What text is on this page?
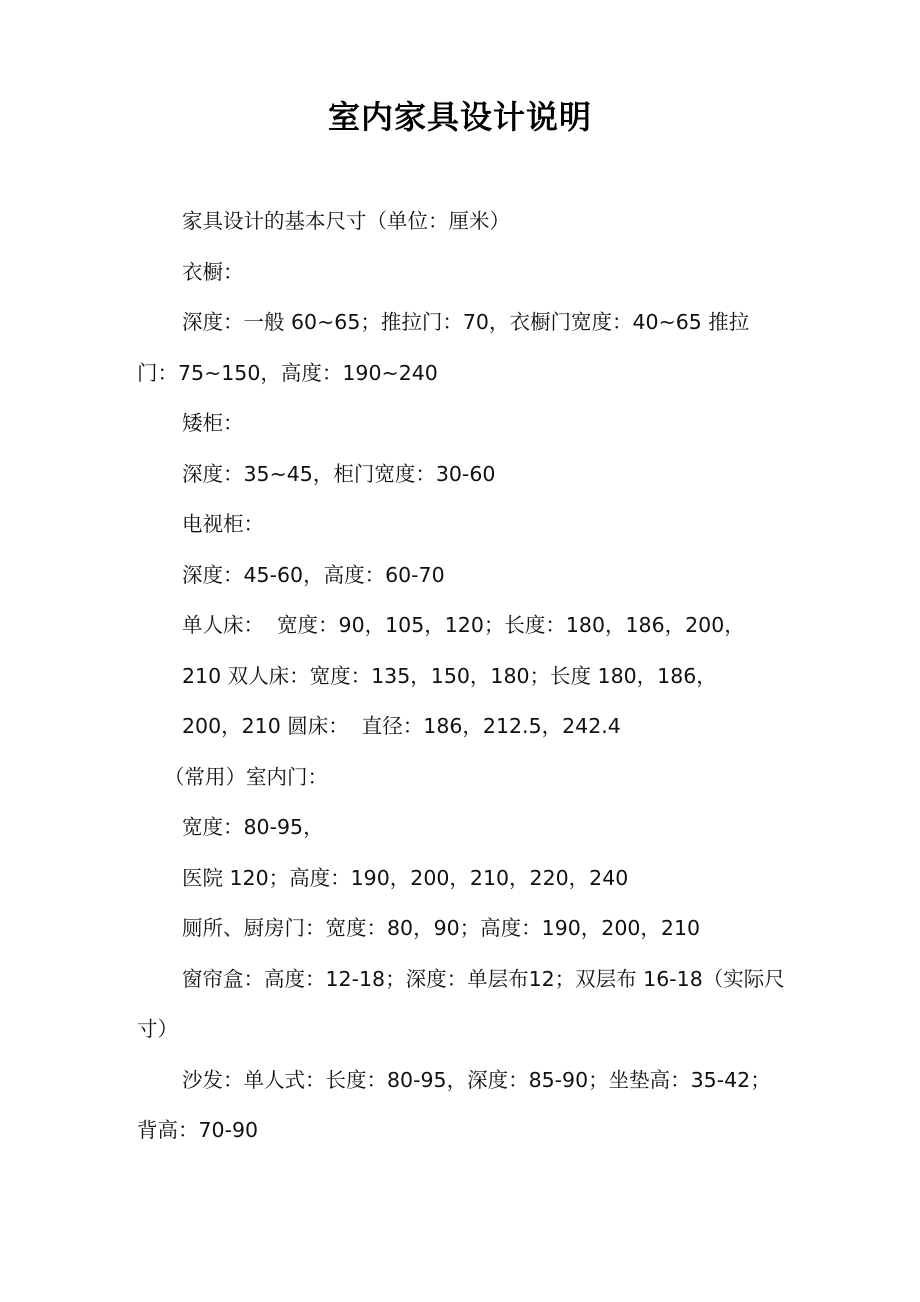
室内家具设计说明

家具设计的基本尺寸（单位：厘米）

衣橱：

深度：一般 60~65；推拉门：70，衣橱门宽度：40~65 推拉门：75~150，高度：190~240

矮柜：

深度：35~45，柜门宽度：30-60

电视柜：

深度：45-60，高度：60-70

单人床：  宽度：90，105，120；长度：180，186，200，

210 双人床：宽度：135，150，180；长度 180，186，

200，210 圆床：  直径：186，212.5，242.4

（常用）室内门：

宽度：80-95，

医院 120；高度：190，200，210，220，240

厕所、厨房门：宽度：80，90；高度：190，200，210

窗帘盒：高度：12-18；深度：单层布12；双层布 16-18（实际尺寸）

沙发：单人式：长度：80-95，深度：85-90；坐垫高：35-42；背高：70-90
